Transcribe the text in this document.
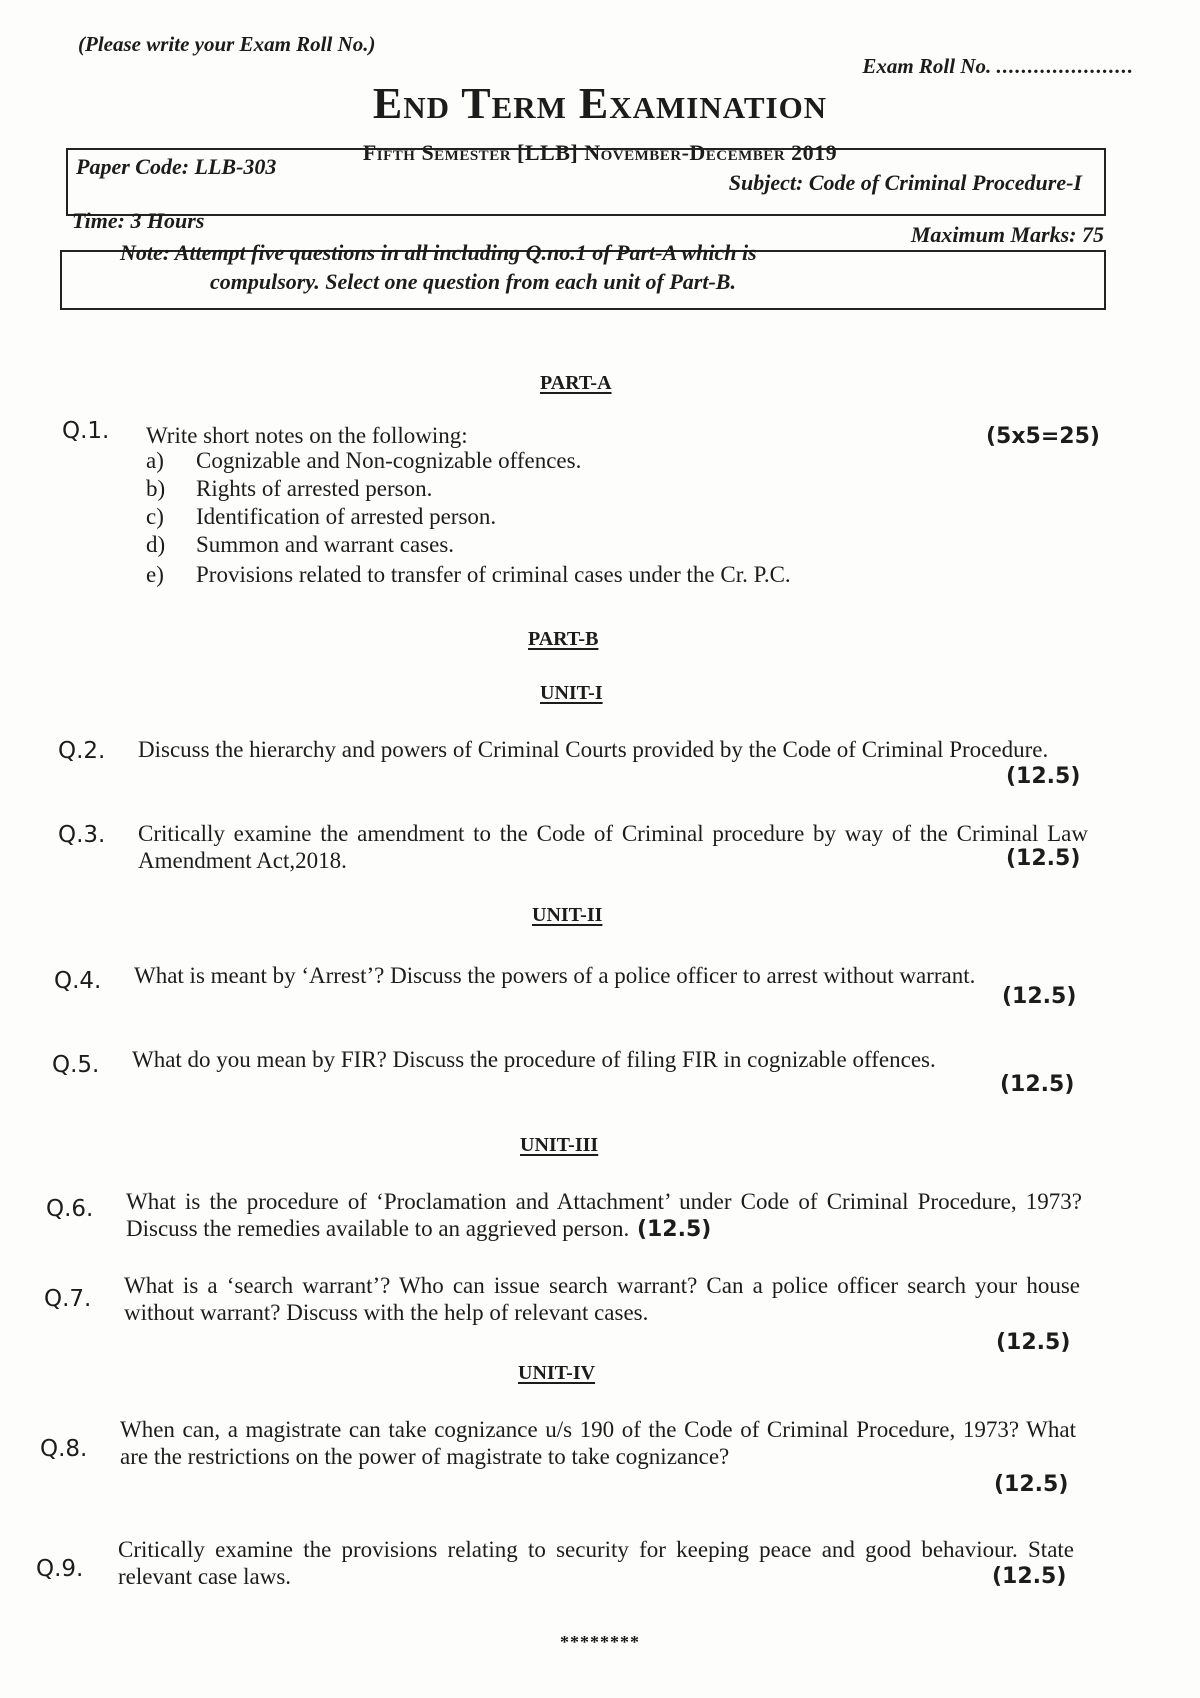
(Please write your Exam Roll No.)
Exam Roll No. ......................
End Term Examination
Fifth Semester [LLB] November-December 2019
Paper Code: LLB-303
Subject: Code of Criminal Procedure-I
Time: 3 Hours
Maximum Marks: 75
Note: Attempt five questions in all including Q.no.1 of Part-A which is
compulsory. Select one question from each unit of Part-B.
PART-A
Q.1. Write short notes on the following:	(5x5=25)
a) Cognizable and Non-cognizable offences.
b) Rights of arrested person.
c) Identification of arrested person.
d) Summon and warrant cases.
e) Provisions related to transfer of criminal cases under the Cr. P.C.
PART-B
UNIT-I
Q.2. Discuss the hierarchy and powers of Criminal Courts provided by the Code of Criminal Procedure.
(12.5)
Q.3. Critically examine the amendment to the Code of Criminal procedure by way of the Criminal Law Amendment Act,2018.	(12.5)
UNIT-II
Q.4. What is meant by ‘Arrest’? Discuss the powers of a police officer to arrest without warrant.
(12.5)
Q.5. What do you mean by FIR? Discuss the procedure of filing FIR in cognizable offences.
(12.5)
UNIT-III
Q.6. What is the procedure of ‘Proclamation and Attachment’ under Code of Criminal Procedure, 1973? Discuss the remedies available to an aggrieved person. (12.5)
Q.7.
What is a ‘search warrant’? Who can issue search warrant? Can a police officer search your house without warrant? Discuss with the help of relevant cases.
(12.5)
UNIT-IV
Q.8.
When can, a magistrate can take cognizance u/s 190 of the Code of Criminal Procedure, 1973? What are the restrictions on the power of magistrate to take cognizance?
(12.5)
Q.9.
Critically examine the provisions relating to security for keeping peace and good behaviour. State relevant case laws.	(12.5)
********
